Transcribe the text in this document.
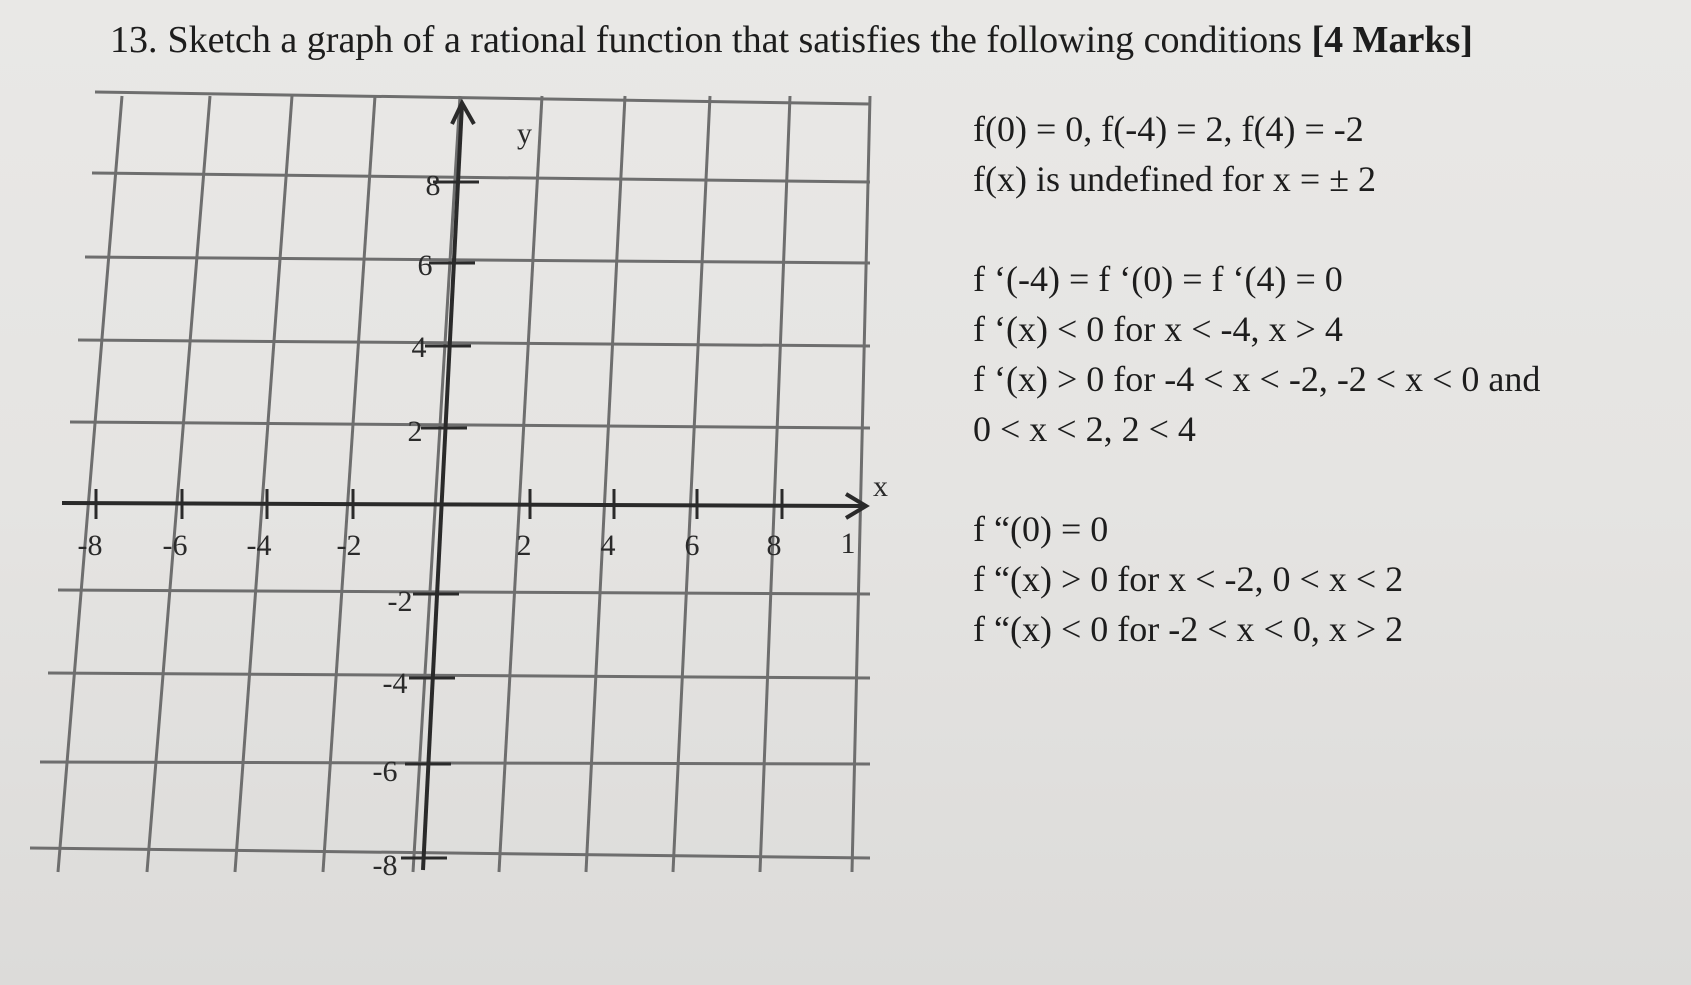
13. Sketch a graph of a rational function that satisfies the following conditions [4 Marks]
-8 -6 -4 -2	2 4 6 8 1
8
6
4
2
-2
-4
-6
-8
y
x
f(0) = 0, f(-4) = 2, f(4) = -2
f(x) is undefined for x = ± 2
f ‘(-4) = f ‘(0) = f ‘(4) = 0
f ‘(x) < 0 for x < -4, x > 4
f ‘(x) > 0 for -4 < x < -2, -2 < x < 0 and
0 < x < 2, 2 < 4
f “(0) = 0
f “(x) > 0 for x < -2, 0 < x < 2
f “(x) < 0 for -2 < x < 0, x > 2
